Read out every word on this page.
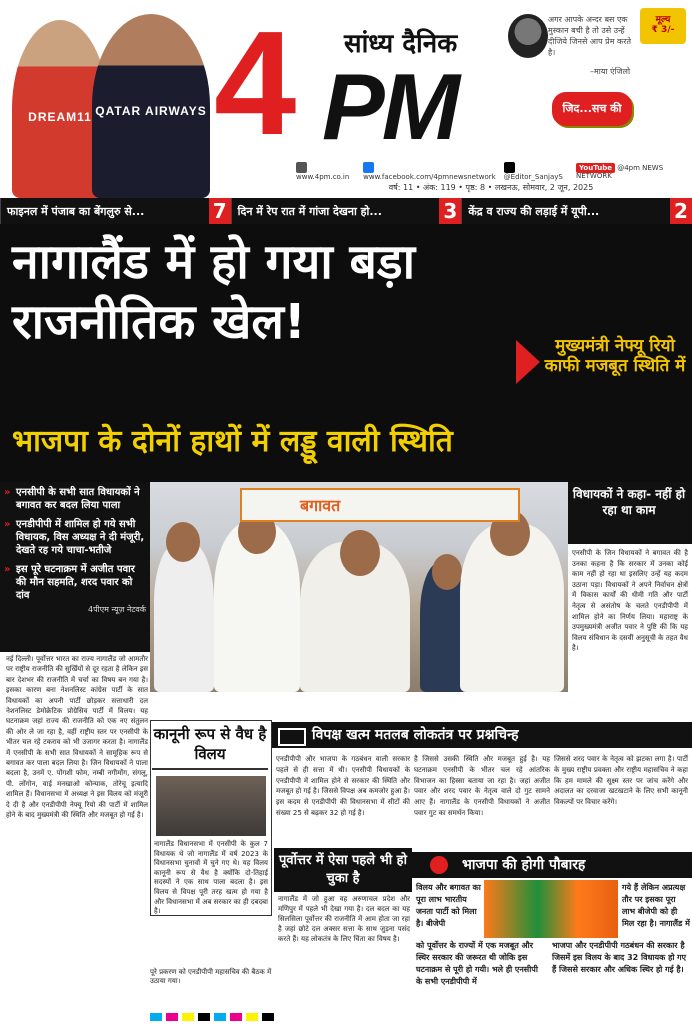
DREAM11 QATAR AIRWAYS 4 PM
सांध्य दैनिक
अगर आपके अन्दर बस एक मुस्कान बची है तो उसे उन्हें दीजिये जिनसे आप प्रेम करते है।
–माया एंजिलो
मूल्य
₹ 3/-
जिद...सच की
www.4pm.co.in	www.facebook.com/4pmnewsnetwork @Editor_SanjayS
YouTube @4pm NEWS NETWORK
वर्ष: 11 • अंक: 119 • पृष्ठ: 8 • लखनऊ, सोमवार, 2 जून, 2025
फाइनल में पंजाब का बेंगलुरु से...	7	दिन में रेप रात में गांजा देखना हो...	3	केंद्र व राज्य की लड़ाई में यूपी...	2
नागालैंड में हो गया बड़ा
राजनीतिक खेल!	मुख्यमंत्री नेफ्यू रियो काफी मजबूत स्थिति में
भाजपा के दोनों हाथों में लड्डू वाली स्थिति
» एनसीपी के सभी सात विधायकों ने बगावत कर बदल लिया पाला
» एनडीपीपी में शामिल हो गये सभी विधायक, विस अध्यक्ष ने दी मंजूरी, देखते रह गये चाचा-भतीजे
» इस पूरे घटनाक्रम में अजीत पवार की मौन सहमति, शरद पवार को दांव
4पीएम न्यूज़ नेटवर्क
नई दिल्ली। पूर्वोत्तर भारत का राज्य नागालैंड जो आमतौर पर राष्ट्रीय राजनीति की सुर्खियों से दूर रहता है लेकिन इस बार देशभर की राजनीति में चर्चा का विषय बन गया है। इसका कारण बना नेशनलिस्ट कांग्रेस पार्टी के सात विधायकों का अपनी पार्टी छोड़कर सत्ताधारी दल नेशनलिस्ट डेमोक्रेटिक प्रोग्रेसिव पार्टी में विलय। यह घटनाक्रम जहां राज्य की राजनीति को एक नए संतुलन की ओर ले जा रहा है, वहीं राष्ट्रीय स्तर पर एनसीपी के भीतर चल रहे टकराव को भी उजागर करता है। नागालैंड में एनसीपी के सभी सात विधायकों ने सामूहिक रूप से बगावत कर पाला बदल लिया है। जिन विधायकों ने पाला बदला है, उनमें ए. पोंगशी फोम, नम्बी नगीमोंग, संगलू, पी. लोंगोन, वाई मनखाओ कोन्याक, तोरेचू इत्यादि शामिल हैं। विधानसभा में अध्यक्ष ने इस विलय को मंजूरी दे दी है और एनडीपीपी नेफ्यू रियो की पार्टी में शामिल होने के बाद मुख्यमंत्री की स्थिति और मजबूत हो गई है।
बगावत
विधायकों ने कहा- नहीं हो रहा था काम
एनसीपी के जिन विधायकों ने बगावत की है उनका कहना है कि सरकार में उनका कोई काम नहीं हो रहा था इसलिए उन्हें यह कदम उठाना पड़ा। विधायकों ने अपने निर्वाचन क्षेत्रों में विकास कार्यों की धीमी गति और पार्टी नेतृत्व से असंतोष के चलते एनडीपीपी में शामिल होने का निर्णय लिया। महाराष्ट्र के उपमुख्यमंत्री अजीत पवार ने पुष्टि की कि यह विलय संविधान के दसवीं अनुसूची के तहत वैध है।
कानूनी रूप से वैध है विलय
नागालैंड विधानसभा में एनसीपी के कुल 7 विधायक थे जो नागालैंड में वर्ष 2023 के विधानसभा चुनावों में चुने गए थे। यह विलय कानूनी रूप से वैध है क्योंकि दो-तिहाई सदस्यों ने एक साथ पाला बदला है। इस विलय से विपक्ष पूरी तरह खत्म हो गया है और विधानसभा में अब सरकार का ही दबदबा है।
पूरे प्रकरण को एनडीपीपी महासचिव की बैठक में उठाया गया।
विपक्ष खत्म मतलब लोकतंत्र पर प्रश्नचिन्ह
एनडीपीपी और भाजपा के गठबंधन वाली सरकार पहले से ही सत्ता में थी। एनसीपी विधायकों के एनडीपीपी में शामिल होने से सरकार की स्थिति और मजबूत हो गई है। जिससे विपक्ष अब कमजोर हुआ है। इस कदम से एनडीपीपी की विधानसभा में सीटों की संख्या 25 से बढ़कर 32 हो गई है।
है जिससे उसकी स्थिति और मजबूत हुई है। यह घटनाक्रम एनसीपी के भीतर चल रहे आंतरिक विभाजन का हिस्सा बताया जा रहा है। जहां अजीत पवार और शरद पवार के नेतृत्व वाले दो गुट सामने आए हैं। नागालैंड के एनसीपी विधायकों ने अजीत पवार गुट का समर्थन किया।
जिससे शरद पवार के नेतृत्व को झटका लगा है। पार्टी के मुख्य राष्ट्रीय प्रवक्ता और राष्ट्रीय महासचिव ने कहा कि हम मामले की सूक्ष्म स्तर पर जांच करेंगे और अदालत का दरवाजा खटखटाने के लिए सभी कानूनी विकल्पों पर विचार करेंगे।
पूर्वोत्तर में ऐसा पहले भी हो चुका है
नागालैंड में जो हुआ वह अरुणाचल प्रदेश और मणिपुर में पहले भी देखा गया है। दल बदल का यह सिलसिला पूर्वोत्तर की राजनीति में आम होता जा रहा है जहां छोटे दल अक्सर सत्ता के साथ जुड़ना पसंद करते हैं। यह लोकतंत्र के लिए चिंता का विषय है।
भाजपा की होगी पौबारह
विलय और बगावत का पूरा लाभ भारतीय जनता पार्टी को मिला है। बीजेपी
गये हैं लेकिन अप्रत्यक्ष तौर पर इसका पूरा लाभ बीजेपी को ही मिल रहा है। नागालैंड में
को पूर्वोत्तर के राज्यों में एक मजबूत और स्थिर सरकार की जरूरत थी जोकि इस घटनाक्रम से पूरी हो गयी। भले ही एनसीपी के सभी एनडीपीपी में
भाजपा और एनडीपीपी गठबंधन की सरकार है जिसमें इस विलय के बाद 32 विधायक हो गए हैं जिससे सरकार और अधिक स्थिर हो गई है।
